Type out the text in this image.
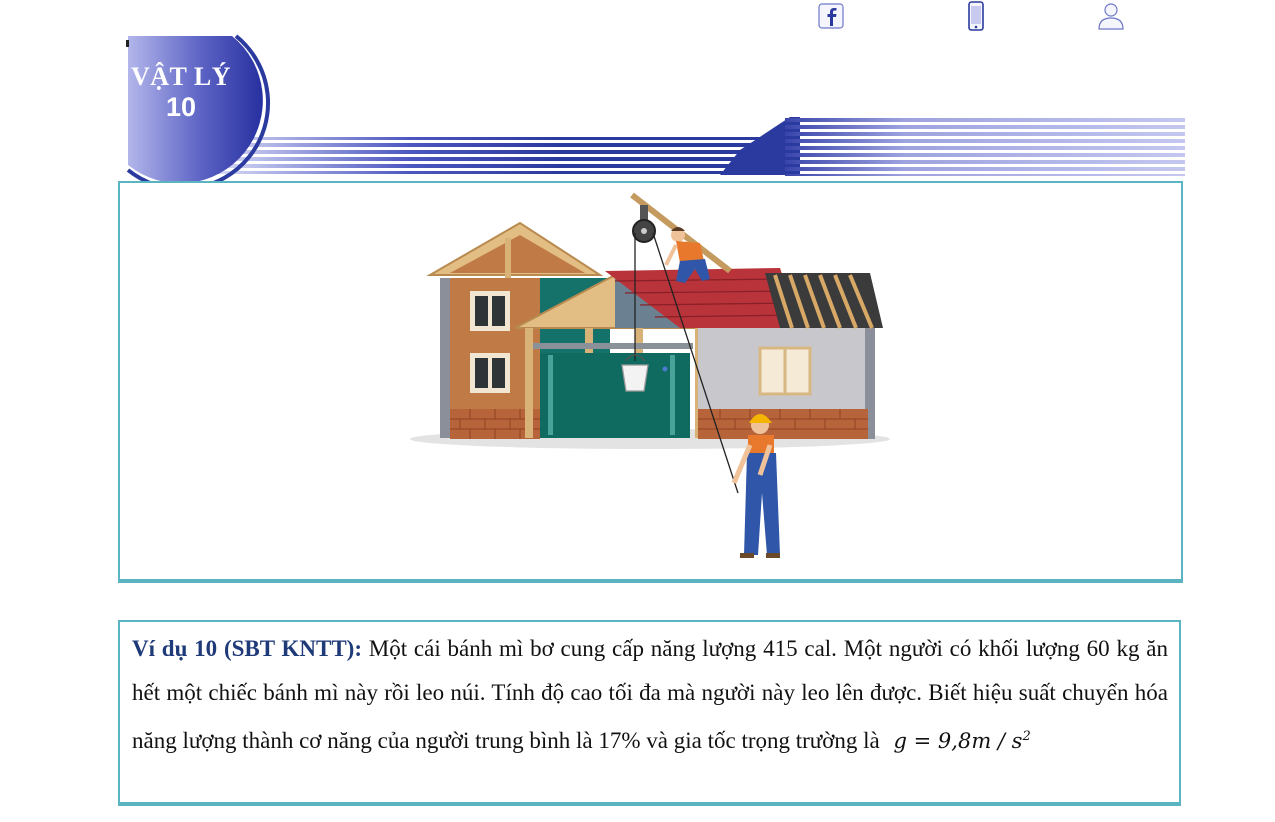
VẬT LÝ
10

Ví dụ 10 (SBT KNTT): Một cái bánh mì bơ cung cấp năng lượng 415 cal. Một người có khối lượng 60 kg ăn hết một chiếc bánh mì này rồi leo núi. Tính độ cao tối đa mà người này leo lên được. Biết hiệu suất chuyển hóa năng lượng thành cơ năng của người trung bình là 17% và gia tốc trọng trường là $g = 9,8m / s^2$
